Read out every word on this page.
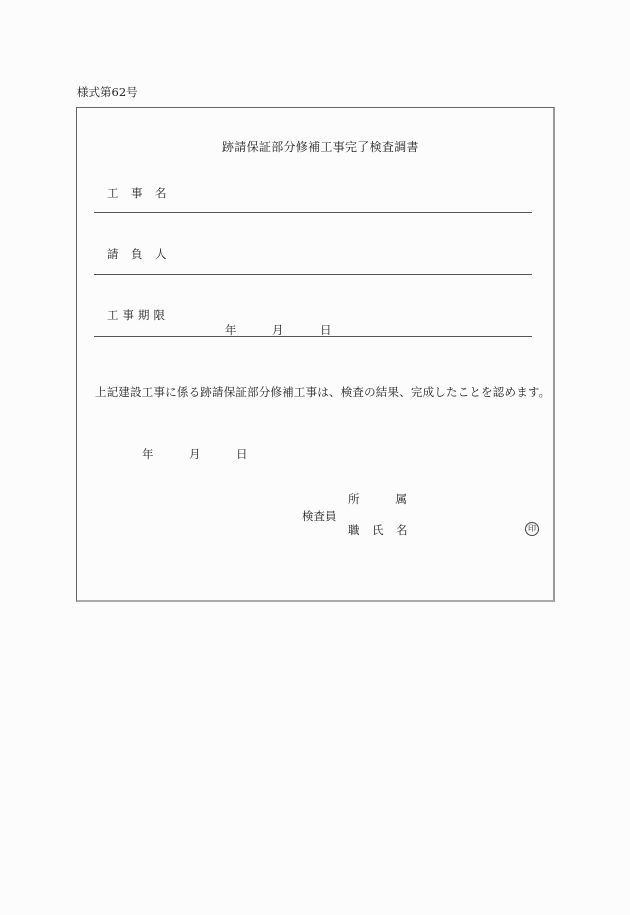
様式第62号
跡請保証部分修補工事完了検査調書
工 事 名
請 負 人
工 事 期 限
年	月	日
上記建設工事に係る跡請保証部分修補工事は、検査の結果、完成したことを認めます。
年	月	日
所	属
検査員
職 氏 名	印
